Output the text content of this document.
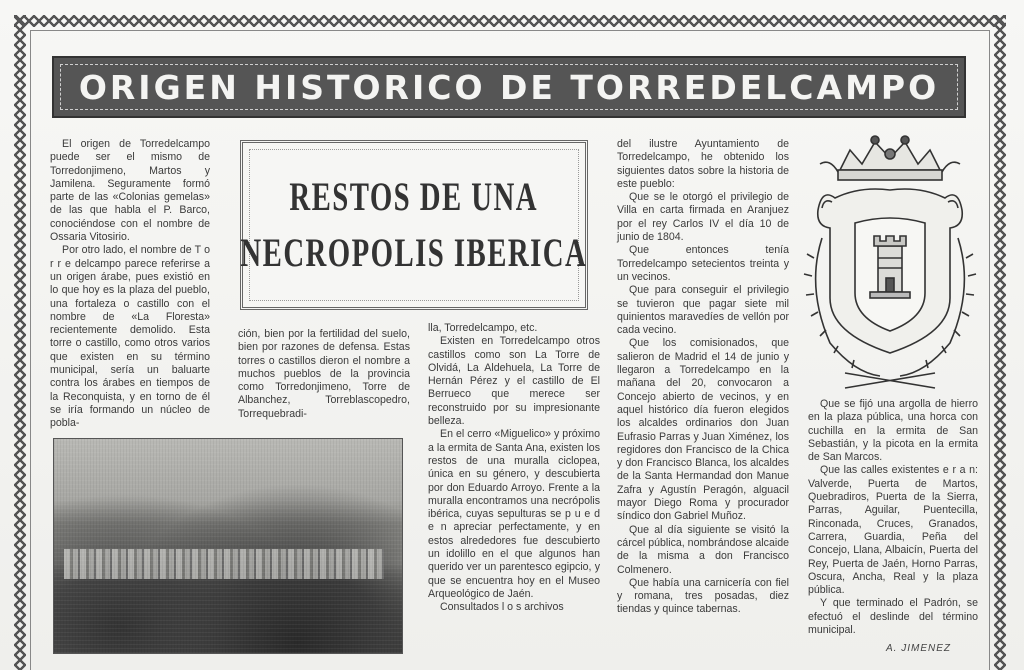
ORIGEN HISTORICO DE TORREDELCAMPO
RESTOS DE UNA
NECROPOLIS IBERICA

El origen de Torredelcampo puede ser el mismo de Torredonjimeno, Martos y Jamilena. Seguramente formó parte de las «Colonias gemelas» de las que habla el P. Barco, conociéndose con el nombre de Ossaria Vitosirio.

Por otro lado, el nombre de T o r r e delcampo parece referirse a un origen árabe, pues existió en lo que hoy es la plaza del pueblo, una fortaleza o castillo con el nombre de «La Floresta» recientemente demolido. Esta torre o castillo, como otros varios que existen en su término municipal, sería un baluarte contra los árabes en tiempos de la Reconquista, y en torno de él se iría formando un núcleo de pobla-

ción, bien por la fertilidad del suelo, bien por razones de defensa. Estas torres o castillos dieron el nombre a muchos pueblos de la provincia como Torredonjimeno, Torre de Albanchez, Torreblascopedro, Torrequebradi-

lla, Torredelcampo, etc.

Existen en Torredelcampo otros castillos como son La Torre de Olvidá, La Aldehuela, La Torre de Hernán Pérez y el castillo de El Berrueco que merece ser reconstruido por su impresionante belleza.

En el cerro «Miguelico» y próximo a la ermita de Santa Ana, existen los restos de una muralla ciclopea, única en su género, y descubierta por don Eduardo Arroyo. Frente a la muralla encontramos una necrópolis ibérica, cuyas sepulturas se p u e d e n apreciar perfectamente, y en estos alrededores fue descubierto un idolillo en el que algunos han querido ver un parentesco egipcio, y que se encuentra hoy en el Museo Arqueológico de Jaén.

Consultados l o s archivos

del ilustre Ayuntamiento de Torredelcampo, he obtenido los siguientes datos sobre la historia de este pueblo:

Que se le otorgó el privilegio de Villa en carta firmada en Aranjuez por el rey Carlos IV el día 10 de junio de 1804.

Que entonces tenía Torredelcampo setecientos treinta y un vecinos.

Que para conseguir el privilegio se tuvieron que pagar siete mil quinientos maravedíes de vellón por cada vecino.

Que los comisionados, que salieron de Madrid el 14 de junio y llegaron a Torredelcampo en la mañana del 20, convocaron a Concejo abierto de vecinos, y en aquel histórico día fueron elegidos los alcaldes ordinarios don Juan Eufrasio Parras y Juan Ximénez, los regidores don Francisco de la Chica y don Francisco Blanca, los alcaldes de la Santa Hermandad don Manue Zafra y Agustín Peragón, alguacil mayor Diego Roma y procurador síndico don Gabriel Muñoz.

Que al día siguiente se visitó la cárcel pública, nombrándose alcaide de la misma a don Francisco Colmenero.

Que había una carnicería con fiel y romana, tres posadas, diez tiendas y quince tabernas.

Que se fijó una argolla de hierro en la plaza pública, una horca con cuchilla en la ermita de San Sebastián, y la picota en la ermita de San Marcos.

Que las calles existentes e r a n: Valverde, Puerta de Martos, Quebradiros, Puerta de la Sierra, Parras, Aguilar, Puentecilla, Rinconada, Cruces, Granados, Carrera, Guardia, Peña del Concejo, Llana, Albaicín, Puerta del Rey, Puerta de Jaén, Horno Parras, Oscura, Ancha, Real y la plaza pública.

Y que terminado el Padrón, se efectuó el deslinde del término municipal.

A. JIMENEZ
